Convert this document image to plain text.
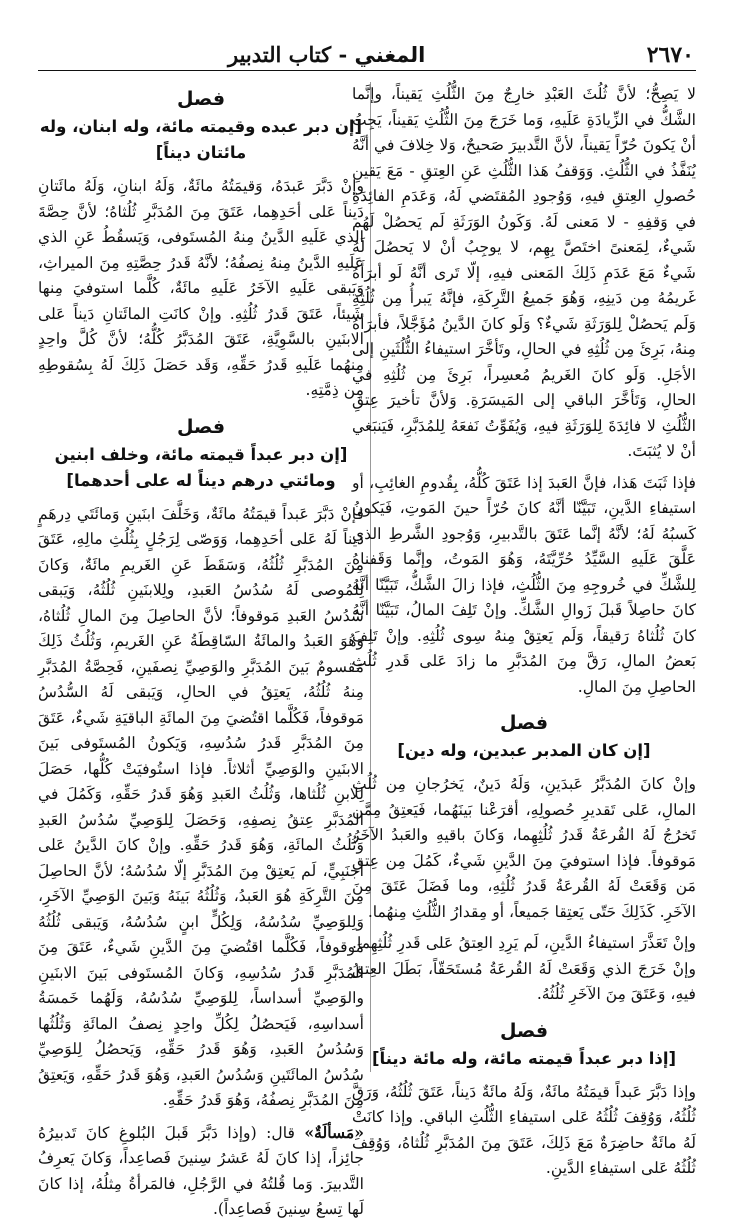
٢٦٧٠
المغني - كتاب التدبير

لا يَصِحُّ؛ لأنَّ ثُلُثَ العَبْدِ خارِجٌ مِنَ الثُّلُثِ يَقيناً، وإنَّما الشَّكُّ في الزِّيادَةِ عَلَيهِ، وَما خَرَجَ مِنَ الثُّلُثِ يَقيناً، يَجِبُ أنْ يَكونَ حُرّاً يَقيناً، لأنَّ التَّدبيرَ صَحيحٌ، وَلا خِلافَ في أنَّهُ يُنَفَّذُ في الثُّلُثِ. وَوَقفُ هَذا الثُّلُثِ عَنِ العِتقِ - مَعَ يَقينِ حُصولِ العِتقِ فيهِ، وَوُجودِ المُقتَضي لَهُ، وَعَدَمِ الفائِدَةِ في وَقفِهِ - لا مَعنى لَهُ. وَكَونُ الوَرَثَةِ لَم يَحصُلْ لَهُم شَيءٌ، لِمَعنىً اختَصَّ بِهِم، لا يوجِبُ أنْ لا يَحصُلَ لَهُ شَيءٌ مَعَ عَدَمِ ذَلِكَ المَعنى فيهِ، إلّا تَرى أنَّهُ لَو أبرَأَهُ غَريمُهُ مِن دَينِهِ، وَهُوَ جَميعُ التَّرِكَةِ، فإنَّهُ يَبرأُ مِن ثُلُثِهِ وَلَم يَحصُلْ لِلوَرَثَةِ شَيءٌ؟ وَلَو كانَ الدَّينُ مُؤَجَّلاً، فأبرَأهُ مِنهُ، بَرِئَ مِن ثُلُثِهِ في الحالِ، وتَأخَّرَ استيفاءُ الثُّلُثَينِ إلى الأجَلِ. وَلَو كانَ الغَريمُ مُعسِراً، بَرِئَ مِن ثُلُثِهِ في الحالِ، وَتَأخَّرَ الباقي إلى المَيسَرَةِ. وَلأنَّ تأخيرَ عِتقِ الثُّلُثِ لا فائِدَةَ لِلوَرَثَةِ فيهِ، وَيُفَوِّتُ نَفعَهُ لِلمُدَبَّرِ، فَيَنبَغي أنْ لا يُثبَتَ.

فإذا ثَبَتَ هَذا، فإنَّ العَبدَ إذا عَتَقَ كُلُّهُ، بِقُدومِ الغائِبِ، أو استيفاءِ الدَّينِ، تَبَيَّنّا أنَّهُ كانَ حُرّاً حينَ المَوتِ، فَيَكونُ كَسبُهُ لَهُ؛ لأنَّهُ إنَّما عَتَقَ بالتَّدبيرِ، وَوُجودِ الشَّرطِ الذي عَلَّقَ عَلَيهِ السَّيِّدُ حُرِّيَّتَهُ، وَهُوَ المَوتُ، وإنَّما وَقَفناهُ لِلشَّكِّ في خُروجِهِ مِنَ الثُّلُثِ، فإذا زالَ الشَّكُّ، تَبَيَّنّا أنَّهُ كانَ حاصِلاً قَبلَ زَوالِ الشَّكِّ. وإنْ تَلِفَ المالُ، تَبَيَّنّا أنَّهُ كانَ ثُلُثاهُ رَقيقاً، وَلَم يَعتِقْ مِنهُ سِوى ثُلُثِهِ. وإنْ تَلِفَ بَعضُ المالِ، رَقَّ مِنَ المُدَبَّرِ ما زادَ عَلى قَدرِ ثُلُثِ الحاصِلِ مِنَ المالِ.

فصل
[إن كان المدبر عبدين، وله دين]

وإنْ كانَ المُدَبَّرُ عَبدَينِ، وَلَهُ دَينٌ، يَخرُجانِ مِن ثُلُثِ المالِ، عَلى تَقديرِ حُصولِهِ، أقرَعْنا بَينَهُما، فَيَعتِقُ مِمَّن تَخرُجُ لَهُ القُرعَةُ قَدرُ ثُلُثِهِما، وَكانَ باقيهِ والعَبدُ الآخَرُ مَوقوفاً. فإذا استوفيَ مِنَ الدَّينِ شَيءٌ، كَمُلَ مِن عِتقِ مَن وَقَعَتْ لَهُ القُرعَةُ قَدرُ ثُلُثِهِ، وما فَضَلَ عَتَقَ مِنَ الآخَرِ. كَذَلِكَ حَتّى يَعتِقا جَميعاً، أو مِقدارُ الثُّلُثِ مِنهُما.

وإنْ تَعَذَّرَ استيفاءُ الدَّينِ، لَم يَرِدِ العِتقُ عَلى قَدرِ ثُلُثِهِما. وإنْ خَرَجَ الذي وَقَعَتْ لَهُ القُرعَةُ مُستَحَقّاً، بَطَلَ العِتقُ فيهِ، وَعَتَقَ مِنَ الآخَرِ ثُلُثُهُ.

فصل
[إذا دبر عبداً قيمته مائة، وله مائة ديناً]

وإذا دَبَّرَ عَبداً قيمَتُهُ مائَةٌ، وَلَهُ مائَةٌ دَيناً، عَتَقَ ثُلُثُهُ، وَرَقَّ ثُلُثُهُ، وَوُقِفَ ثُلُثُهُ عَلى استيفاءِ الثُّلُثِ الباقي. وإذا كانَتْ لَهُ مائَةٌ حاضِرَةٌ مَعَ ذَلِكَ، عَتَقَ مِنَ المُدَبَّرِ ثُلُثاهُ، وَوُقِفَ ثُلُثُهُ عَلى استيفاءِ الدَّينِ.

فصل
[إن دبر عبده وقيمته مائة، وله ابنان، وله مائتان ديناً]

وإنْ دَبَّرَ عَبدَهُ، وَقيمَتُهُ مائَةٌ، وَلَهُ ابنانِ، وَلَهُ مائَتانِ دَيناً عَلى أحَدِهِما، عَتَقَ مِنَ المُدَبَّرِ ثُلُثاهُ؛ لأنَّ حِصَّةَ الذي عَلَيهِ الدَّينُ مِنهُ المُستَوفى، وَيَسقُطُ عَنِ الذي عَلَيهِ الدَّينُ مِنهُ نِصفُهُ؛ لأنَّهُ قَدرُ حِصَّتِهِ مِنَ الميراثِ، وَيَبقى عَلَيهِ الآخَرُ عَلَيهِ مائَةٌ، كُلَّما استوفيَ مِنها شَيئاً، عَتَقَ قَدرُ ثُلُثِهِ. وإنْ كانَتِ المائَتانِ دَيناً عَلى الابنَينِ بالسَّوِيَّةِ، عَتَقَ المُدَبَّرُ كُلُّهُ؛ لأنَّ كُلَّ واحِدٍ مِنهُما عَلَيهِ قَدرُ حَقِّهِ، وَقَد حَصَلَ ذَلِكَ لَهُ بِسُقوطِهِ مِن ذِمَّتِهِ.

فصل
[إن دبر عبداً قيمته مائة، وخلف ابنين ومائتي درهم ديناً له على أحدهما]

فإنْ دَبَّرَ عَبداً قيمَتُهُ مائَةٌ، وَخَلَّفَ ابنَينِ وَمائَتَي دِرهَمٍ دَيناً لَهُ عَلى أحَدِهِما، وَوَصّى لِرَجُلٍ بِثُلُثِ مالِهِ، عَتَقَ مِنَ المُدَبَّرِ ثُلُثُهُ، وَسَقَطَ عَنِ الغَريمِ مائَةٌ، وَكانَ لِلمُوصى لَهُ سُدُسُ العَبدِ، ولِلابنَينِ ثُلُثُهُ، وَيَبقى سُدُسُ العَبدِ مَوقوفاً؛ لأنَّ الحاصِلَ مِنَ المالِ ثُلُثاهُ، وَهُوَ العَبدُ والمائَةُ السّاقِطَةُ عَنِ الغَريمِ، وَثُلُثُ ذَلِكَ مَقسومٌ بَينَ المُدَبَّرِ والوَصِيِّ نِصفَينِ، فَحِصَّةُ المُدَبَّرِ مِنهُ ثُلُثُهُ، يَعتِقُ في الحالِ، وَيَبقى لَهُ السُّدُسُ مَوقوفاً، فَكُلَّما اقتُضيَ مِنَ المائَةِ الباقيَةِ شَيءٌ، عَتَقَ مِنَ المُدَبَّرِ قَدرُ سُدُسِهِ، وَيَكونُ المُستَوفى بَينَ الابنَينِ والوَصِيِّ أثلاثاً. فإذا استُوفيَتْ كُلُّها، حَصَلَ لِلابنِ ثُلُثاها، وَثُلُثُ العَبدِ وَهُوَ قَدرُ حَقِّهِ، وَكَمُلَ في المُدَبَّرِ عِتقُ نِصفِهِ، وَحَصَلَ لِلوَصِيِّ سُدُسُ العَبدِ وَثُلُثُ المائَةِ، وَهُوَ قَدرُ حَقِّهِ. وإنْ كانَ الدَّينُ عَلى أجنَبِيٍّ، لَم يَعتِقْ مِنَ المُدَبَّرِ إلّا سُدُسُهُ؛ لأنَّ الحاصِلَ مِنَ التَّرِكَةِ هُوَ العَبدُ، وَثُلُثُهُ بَينَهُ وَبَينَ الوَصِيِّ الآخَرِ، وَلِلوَصِيِّ سُدُسُهُ، وَلِكُلٍّ ابنٍ سُدُسُهُ، وَيَبقى ثُلُثُهُ مَوقوفاً، فَكُلَّما اقتُضيَ مِنَ الدَّينِ شَيءٌ، عَتَقَ مِنَ المُدَبَّرِ قَدرُ سُدُسِهِ، وَكانَ المُستَوفى بَينَ الابنَينِ والوَصِيِّ أسداساً، لِلوَصِيِّ سُدُسُهُ، وَلَهُما خَمسَةُ أسداسِهِ، فَيَحصُلُ لِكُلِّ واحِدٍ نِصفُ المائَةِ وَثُلُثُها وَسُدُسُ العَبدِ، وَهُوَ قَدرُ حَقِّهِ، وَيَحصُلُ لِلوَصِيِّ سُدُسُ المائَتَينِ وَسُدُسُ العَبدِ، وَهُوَ قَدرُ حَقِّهِ، وَيَعتِقُ مِنَ المُدَبَّرِ نِصفُهُ، وَهُوَ قَدرُ حَقِّهِ.

«مَسألَةٌ» قال: (وإذا دَبَّرَ قَبلَ البُلوغِ كانَ تَدبيرُهُ جائِزاً، إذا كانَ لَهُ عَشرُ سِنينَ فَصاعِداً، وَكانَ يَعرِفُ التَّدبيرَ. وَما قُلتُهُ في الرَّجُلِ، فالمَرأةُ مِثلُهُ، إذا كانَ لَها تِسعُ سِنينَ فَصاعِداً).
